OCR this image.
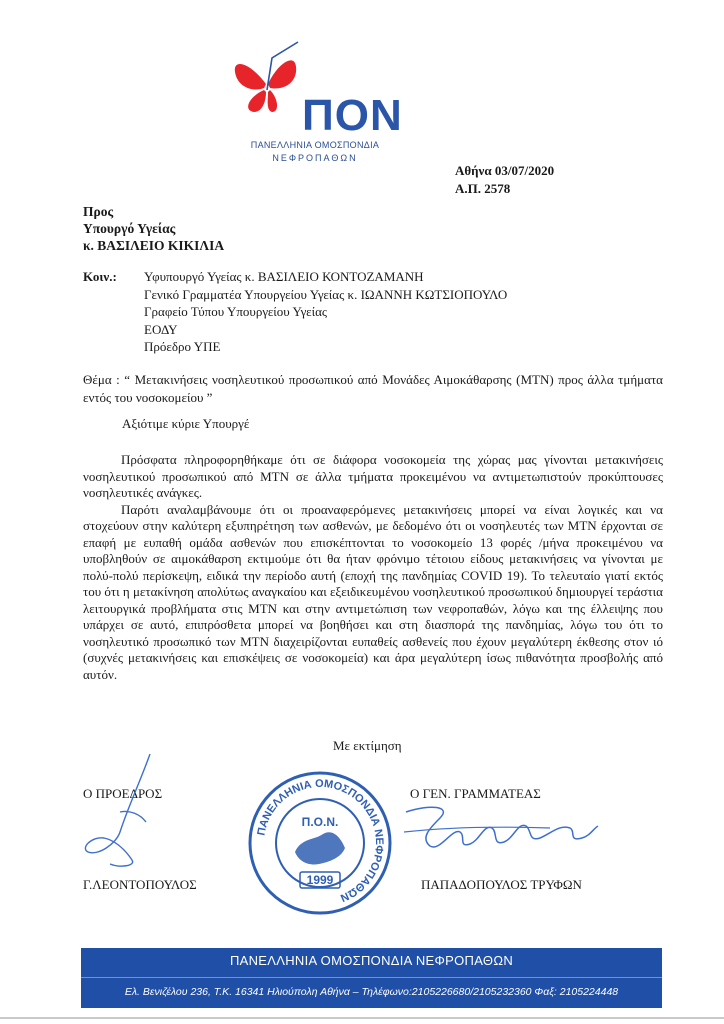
ΠΟΝ
ΠΑΝΕΛΛΗΝΙΑ ΟΜΟΣΠΟΝΔΙΑ
ΝΕΦΡΟΠΑΘΩΝ
Αθήνα 03/07/2020
Α.Π. 2578
Προς
Υπουργό Υγείας
κ. ΒΑΣΙΛΕΙΟ ΚΙΚΙΛΙΑ
Κοιν.: Υφυπουργό Υγείας κ. ΒΑΣΙΛΕΙΟ ΚΟΝΤΟΖΑΜΑΝΗ
Γενικό Γραμματέα Υπουργείου Υγείας κ. ΙΩΑΝΝΗ ΚΩΤΣΙΟΠΟΥΛΟ
Γραφείο Τύπου Υπουργείου Υγείας
ΕΟΔΥ
Πρόεδρο ΥΠΕ
Θέμα : “ Μετακινήσεις νοσηλευτικού προσωπικού από Μονάδες Αιμοκάθαρσης (ΜΤΝ) προς άλλα τμήματα εντός του νοσοκομείου ”
Αξιότιμε κύριε Υπουργέ

Πρόσφατα πληροφορηθήκαμε ότι σε διάφορα νοσοκομεία της χώρας μας γίνονται μετακινήσεις νοσηλευτικού προσωπικού από ΜΤΝ σε άλλα τμήματα προκειμένου να αντιμετωπιστούν προκύπτουσες νοσηλευτικές ανάγκες.

Παρότι αναλαμβάνουμε ότι οι προαναφερόμενες μετακινήσεις μπορεί να είναι λογικές και να στοχεύουν στην καλύτερη εξυπηρέτηση των ασθενών, με δεδομένο ότι οι νοσηλευτές των ΜΤΝ έρχονται σε επαφή με ευπαθή ομάδα ασθενών που επισκέπτονται το νοσοκομείο 13 φορές /μήνα προκειμένου να υποβληθούν σε αιμοκάθαρση εκτιμούμε ότι θα ήταν φρόνιμο τέτοιου είδους μετακινήσεις να γίνονται με πολύ-πολύ περίσκεψη, ειδικά την περίοδο αυτή (εποχή της πανδημίας COVID 19). Το τελευταίο γιατί εκτός του ότι η μετακίνηση απολύτως αναγκαίου και εξειδικευμένου νοσηλευτικού προσωπικού δημιουργεί τεράστια λειτουργικά προβλήματα στις ΜΤΝ και στην αντιμετώπιση των νεφροπαθών, λόγω και της έλλειψης που υπάρχει σε αυτό, επιπρόσθετα μπορεί να βοηθήσει και στη διασπορά της πανδημίας, λόγω του ότι το νοσηλευτικό προσωπικό των ΜΤΝ διαχειρίζονται ευπαθείς ασθενείς που έχουν μεγαλύτερη έκθεσης στον ιό (συχνές μετακινήσεις και επισκέψεις σε νοσοκομεία) και άρα μεγαλύτερη ίσως πιθανότητα προσβολής από αυτόν.

Με εκτίμηση
Ο ΠΡΟΕΔΡΟΣ
Γ.ΛΕΟΝΤΟΠΟΥΛΟΣ
Ο ΓΕΝ. ΓΡΑΜΜΑΤΕΑΣ
ΠΑΠΑΔΟΠΟΥΛΟΣ ΤΡΥΦΩΝ
ΠΑΝΕΛΛΗΝΙΑ ΟΜΟΣΠΟΝΔΙΑ ΝΕΦΡΟΠΑΘΩΝ
Π.Ο.Ν.
1999
ΠΑΝΕΛΛΗΝΙΑ ΟΜΟΣΠΟΝΔΙΑ ΝΕΦΡΟΠΑΘΩΝ
Ελ. Βενιζέλου 236, Τ.Κ. 16341 Ηλιούπολη Αθήνα – Τηλέφωνο:2105226680/2105232360 Φαξ: 2105224448
